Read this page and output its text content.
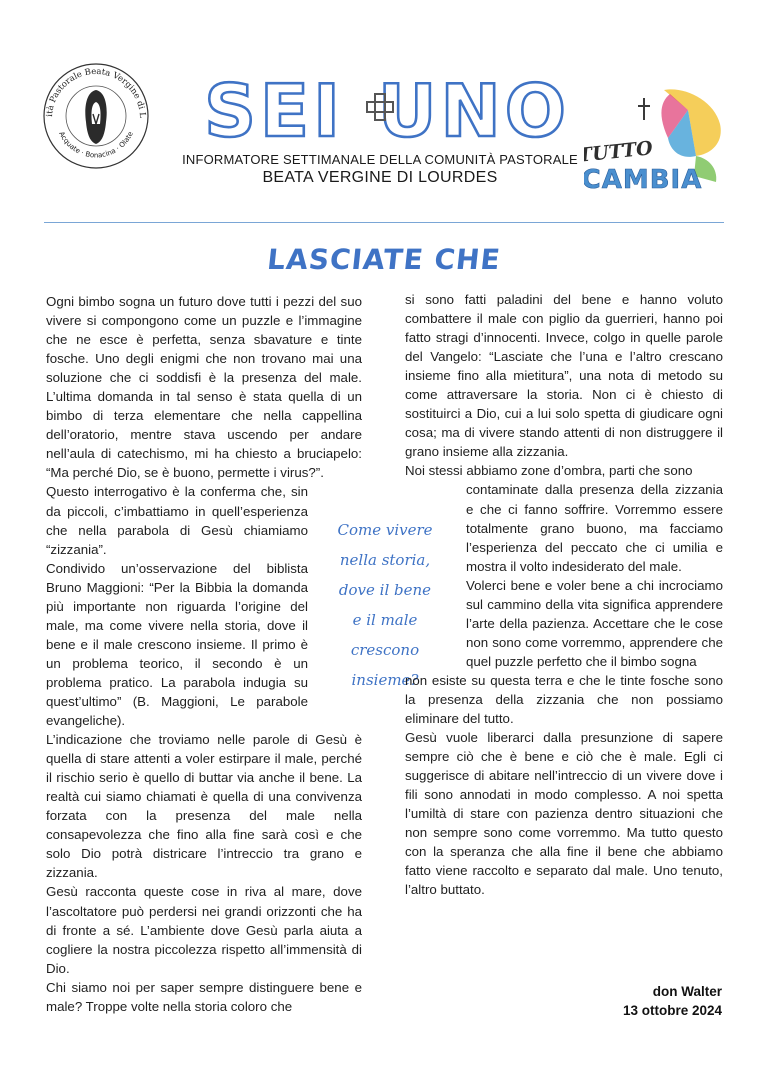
ità Pastorale Beata Vergine di L
Acquate · Bonacina · Olate SEI UNO
INFORMATORE SETTIMANALE DELLA COMUNITÀ PASTORALE
BEATA VERGINE DI LOURDES
TUTTO
CAMBIA
LASCIATE CHE

Ogni bimbo sogna un futuro dove tutti i pezzi del suo vivere si compongono come un puzzle e l’immagine che ne esce è perfetta, senza sbavature e tinte fosche. Uno degli enigmi che non trovano mai una soluzione che ci soddisfi è la presenza del male. L’ultima domanda in tal senso è stata quella di un bimbo di terza elementare che nella cappellina dell’oratorio, mentre stava uscendo per andare nell’aula di catechismo, mi ha chiesto a bruciapelo: “Ma perché Dio, se è buono, permette i virus?”.

Questo interrogativo è la conferma che, sin da piccoli, c’imbattiamo in quell’esperienza che nella parabola di Gesù chiamiamo “zizzania”.

Condivido un’osservazione del biblista Bruno Maggioni: “Per la Bibbia la domanda più importante non riguarda l’origine del male, ma come vivere nella storia, dove il bene e il male crescono insieme. Il primo è un problema teorico, il secondo è un problema pratico. La parabola indugia su quest’ultimo” (B. Maggioni, Le parabole evangeliche).

L’indicazione che troviamo nelle parole di Gesù è quella di stare attenti a voler estirpare il male, perché il rischio serio è quello di buttar via anche il bene. La realtà cui siamo chiamati è quella di una convivenza forzata con la presenza del male nella consapevolezza che fino alla fine sarà così e che solo Dio potrà districare l’intreccio tra grano e zizzania.

Gesù racconta queste cose in riva al mare, dove l’ascoltatore può perdersi nei grandi orizzonti che ha di fronte a sé. L’ambiente dove Gesù parla aiuta a cogliere la nostra piccolezza rispetto all’immensità di Dio.

Chi siamo noi per saper sempre distinguere bene e male? Troppe volte nella storia coloro che

Come vivere
nella storia,
dove il bene
e il male
crescono
insieme?

si sono fatti paladini del bene e hanno voluto combattere il male con piglio da guerrieri, hanno poi fatto stragi d’innocenti. Invece, colgo in quelle parole del Vangelo: “Lasciate che l’una e l’altro crescano insieme fino alla mietitura”, una nota di metodo su come attraversare la storia. Non ci è chiesto di sostituirci a Dio, cui a lui solo spetta di giudicare ogni cosa; ma di vivere stando attenti di non distruggere il grano insieme alla zizzania.

Noi stessi abbiamo zone d’ombra, parti che sono

contaminate dalla presenza della zizzania e che ci fanno soffrire. Vorremmo essere totalmente grano buono, ma facciamo l’esperienza del peccato che ci umilia e mostra il volto indesiderato del male.

Volerci bene e voler bene a chi incrociamo sul cammino della vita significa apprendere l’arte della pazienza. Accettare che le cose non sono come vorremmo, apprendere che quel puzzle perfetto che il bimbo sogna

non esiste su questa terra e che le tinte fosche sono la presenza della zizzania che non possiamo eliminare del tutto.

Gesù vuole liberarci dalla presunzione di sapere sempre ciò che è bene e ciò che è male. Egli ci suggerisce di abitare nell’intreccio di un vivere dove i fili sono annodati in modo complesso. A noi spetta l’umiltà di stare con pazienza dentro situazioni che non sempre sono come vorremmo. Ma tutto questo con la speranza che alla fine il bene che abbiamo fatto viene raccolto e separato dal male. Uno tenuto, l’altro buttato.

don Walter
13 ottobre 2024
